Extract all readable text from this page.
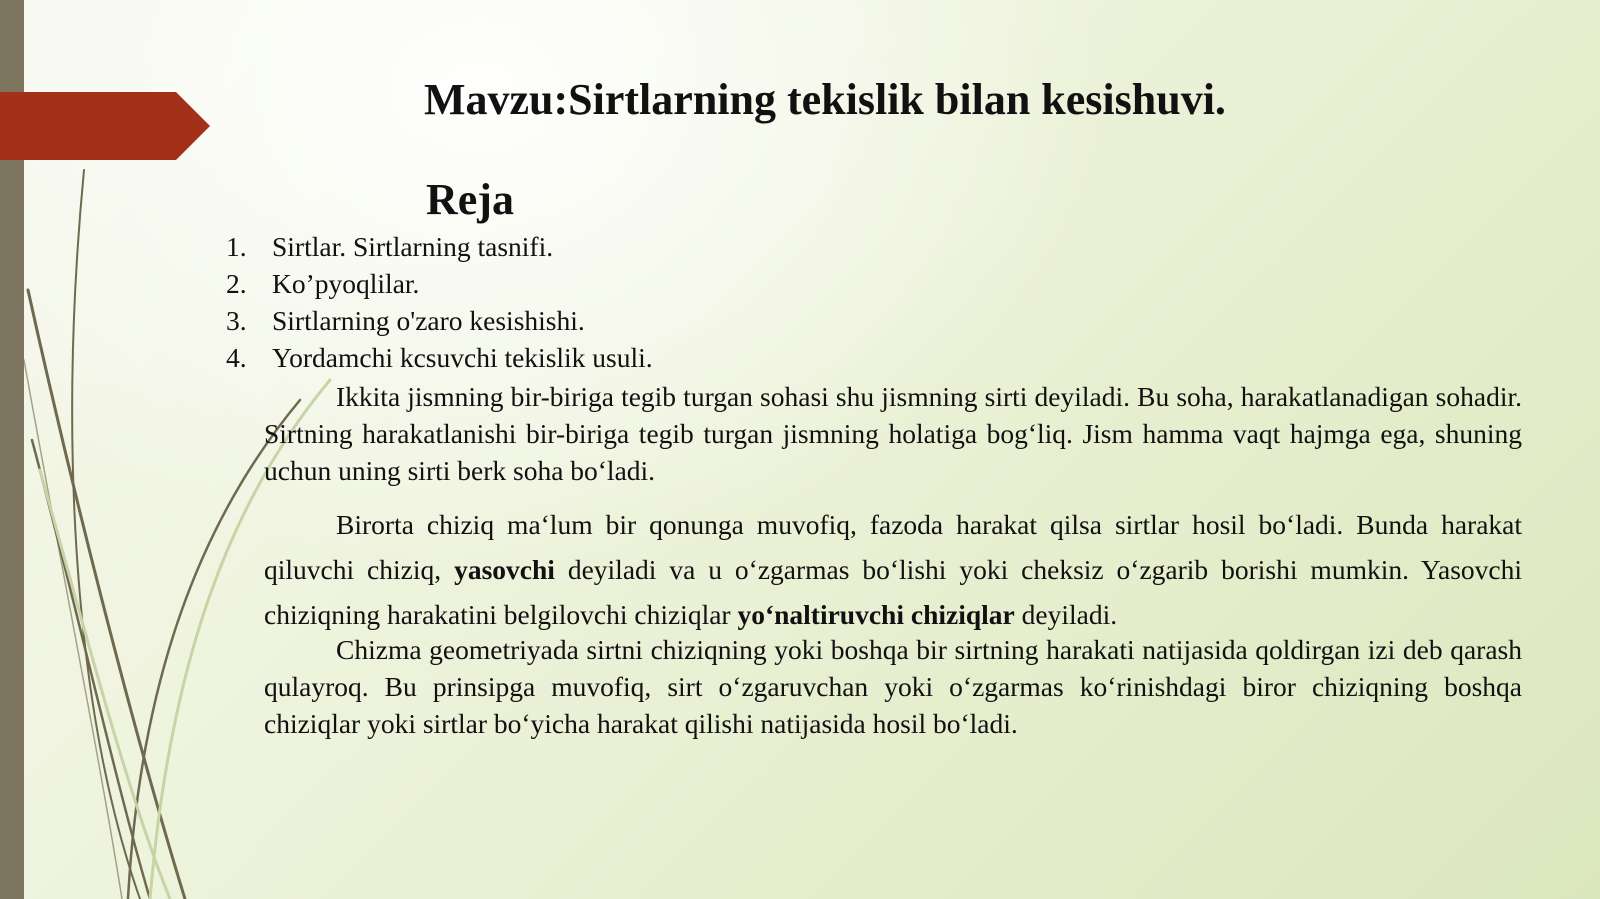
Mavzu:Sirtlarning tekislik bilan kesishuvi.
Reja
1. Sirtlar. Sirtlarning tasnifi.
2. Ko’pyoqlilar.
3. Sirtlarning o'zaro kesishishi.
4. Yordamchi kcsuvchi tekislik usuli.

Ikkita jismning bir-biriga tegib turgan sohasi shu jismning sirti deyiladi. Bu soha, harakatlanadigan sohadir. Sirtning harakatlanishi bir-biriga tegib turgan jismning holatiga bog‘liq. Jism hamma vaqt hajmga ega, shuning uchun uning sirti berk soha bo‘ladi.

Birorta chiziq ma‘lum bir qonunga muvofiq, fazoda harakat qilsa sirtlar hosil bo‘ladi. Bunda harakat qiluvchi chiziq, yasovchi deyiladi va u o‘zgarmas bo‘lishi yoki cheksiz o‘zgarib borishi mumkin. Yasovchi chiziqning harakatini belgilovchi chiziqlar yo‘naltiruvchi chiziqlar deyiladi.

Chizma geometriyada sirtni chiziqning yoki boshqa bir sirtning harakati natijasida qoldirgan izi deb qarash qulayroq. Bu prinsipga muvofiq, sirt o‘zgaruvchan yoki o‘zgarmas ko‘rinishdagi biror chiziqning boshqa chiziqlar yoki sirtlar bo‘yicha harakat qilishi natijasida hosil bo‘ladi.
